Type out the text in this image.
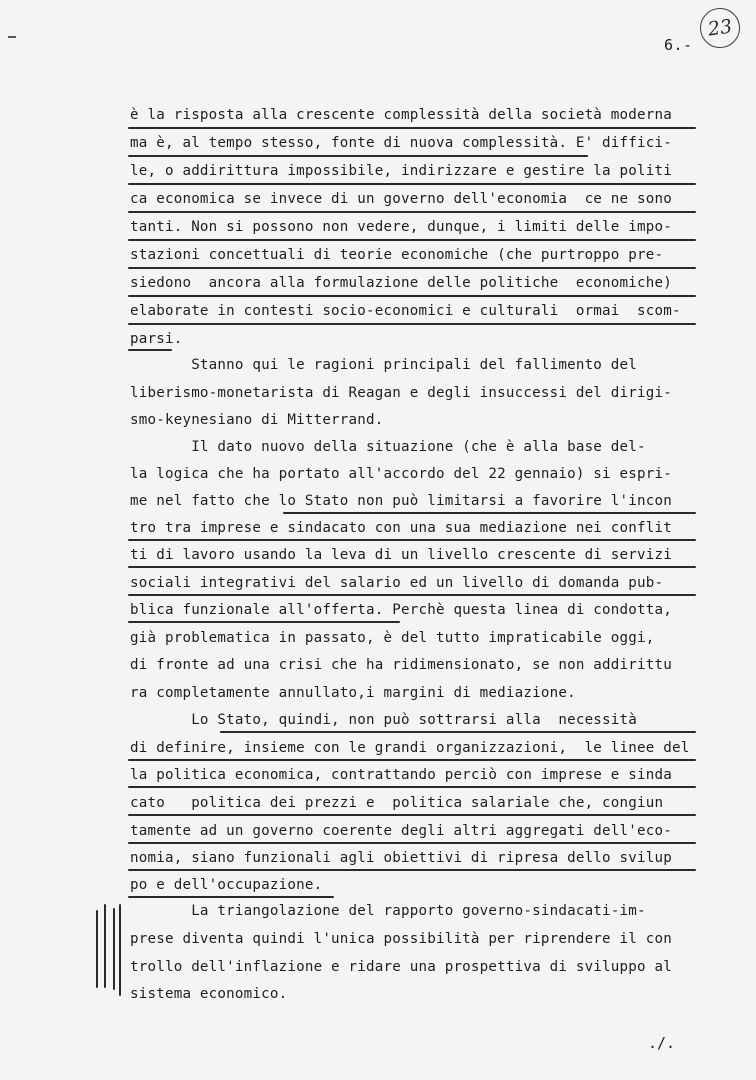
6.-
23
è la risposta alla crescente complessità della società moderna
ma è, al tempo stesso, fonte di nuova complessità. E' diffici-
le, o addirittura impossibile, indirizzare e gestire la politi
ca economica se invece di un governo dell'economia  ce ne sono
tanti. Non si possono non vedere, dunque, i limiti delle impo-
stazioni concettuali di teorie economiche (che purtroppo pre-
siedono  ancora alla formulazione delle politiche  economiche)
elaborate in contesti socio-economici e culturali  ormai  scom-
parsi.
Stanno qui le ragioni principali del fallimento del
liberismo-monetarista di Reagan e degli insuccessi del dirigi-
smo-keynesiano di Mitterrand.
Il dato nuovo della situazione (che è alla base del-
la logica che ha portato all'accordo del 22 gennaio) si espri-
me nel fatto che lo Stato non può limitarsi a favorire l'incon
tro tra imprese e sindacato con una sua mediazione nei conflit
ti di lavoro usando la leva di un livello crescente di servizi
sociali integrativi del salario ed un livello di domanda pub-
blica funzionale all'offerta. Perchè questa linea di condotta,
già problematica in passato, è del tutto impraticabile oggi,
di fronte ad una crisi che ha ridimensionato, se non addirittu
ra completamente annullato,i margini di mediazione.
Lo Stato, quindi, non può sottrarsi alla  necessità
di definire, insieme con le grandi organizzazioni,  le linee del
la politica economica, contrattando perciò con imprese e sinda
cato   politica dei prezzi e  politica salariale che, congiun
tamente ad un governo coerente degli altri aggregati dell'eco-
nomia, siano funzionali agli obiettivi di ripresa dello svilup
po e dell'occupazione.
La triangolazione del rapporto governo-sindacati-im-
prese diventa quindi l'unica possibilità per riprendere il con
trollo dell'inflazione e ridare una prospettiva di sviluppo al
sistema economico.
./.
